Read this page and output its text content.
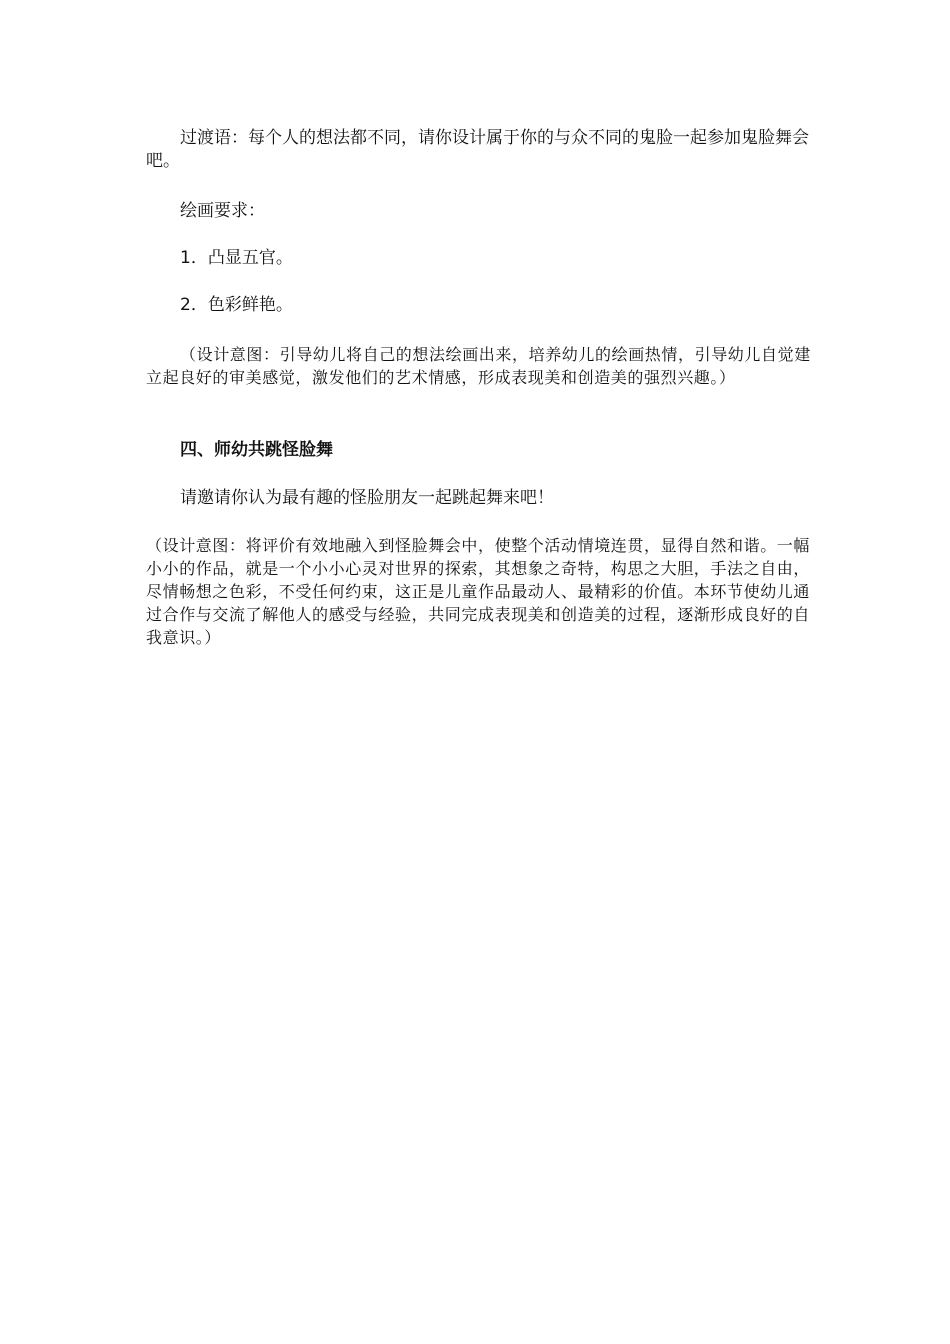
过渡语：每个人的想法都不同，请你设计属于你的与众不同的鬼脸一起参加鬼脸舞会吧。

绘画要求：

1．凸显五官。

2．色彩鲜艳。

（设计意图：引导幼儿将自己的想法绘画出来，培养幼儿的绘画热情，引导幼儿自觉建立起良好的审美感觉，激发他们的艺术情感，形成表现美和创造美的强烈兴趣。）

四、师幼共跳怪脸舞

请邀请你认为最有趣的怪脸朋友一起跳起舞来吧！

（设计意图：将评价有效地融入到怪脸舞会中，使整个活动情境连贯，显得自然和谐。一幅小小的作品，就是一个小小心灵对世界的探索，其想象之奇特，构思之大胆，手法之自由，尽情畅想之色彩，不受任何约束，这正是儿童作品最动人、最精彩的价值。本环节使幼儿通过合作与交流了解他人的感受与经验，共同完成表现美和创造美的过程，逐渐形成良好的自我意识。）
